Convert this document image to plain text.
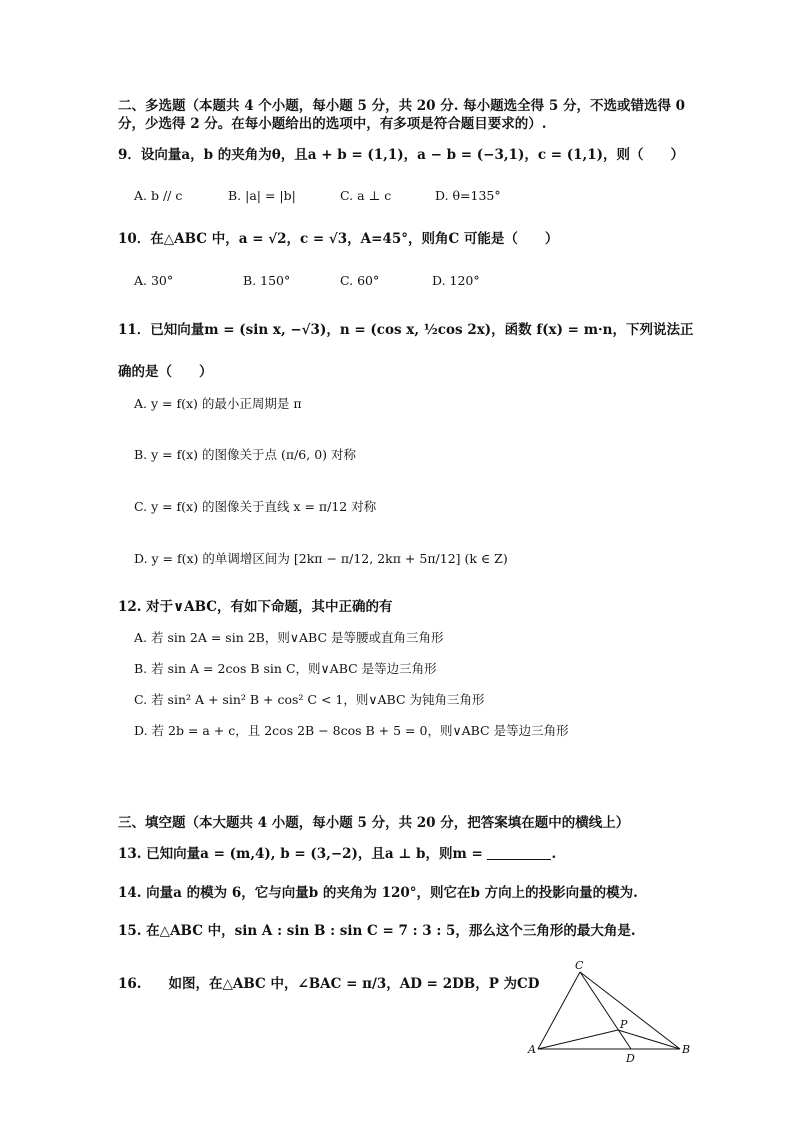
二、多选题（本题共 4 个小题，每小题 5 分，共 20 分. 每小题选全得 5 分，不选或错选得 0
分，少选得 2 分。在每小题给出的选项中，有多项是符合题目要求的）.
9．设向量a，b 的夹角为θ，且a + b = (1,1)，a − b = (−3,1)，c = (1,1)，则（　　）
A. b // c	B. |a| = |b|	C. a ⊥ c	D. θ=135°
10．在△ABC 中，a = √2，c = √3，A=45°，则角C 可能是（　　）
A. 30°	B. 150°	C. 60°	D. 120°
11．已知向量m = (sin x, −√3)，n = (cos x, ½cos 2x)，函数 f(x) = m·n，下列说法正
确的是（　　）
A. y = f(x) 的最小正周期是 π
B. y = f(x) 的图像关于点 (π/6, 0) 对称
C. y = f(x) 的图像关于直线 x = π/12 对称
D. y = f(x) 的单调增区间为 [2kπ − π/12, 2kπ + 5π/12] (k ∈ Z)
12. 对于∨ABC，有如下命题，其中正确的有
A. 若 sin 2A = sin 2B，则∨ABC 是等腰或直角三角形
B. 若 sin A = 2cos B sin C，则∨ABC 是等边三角形
C. 若 sin² A + sin² B + cos² C < 1，则∨ABC 为钝角三角形
D. 若 2b = a + c，且 2cos 2B − 8cos B + 5 = 0，则∨ABC 是等边三角形
三、填空题（本大题共 4 小题，每小题 5 分，共 20 分，把答案填在题中的横线上）
13. 已知向量a = (m,4), b = (3,−2)，且a ⊥ b，则m =	.
14. 向量a 的模为 6，它与向量b 的夹角为 120°，则它在b 方向上的投影向量的模为.
15. 在△ABC 中，sin A : sin B : sin C = 7 : 3 : 5，那么这个三角形的最大角是.
16.　　如图，在△ABC 中，∠BAC = π/3，AD = 2DB，P 为CD
C
A	B
D
P
